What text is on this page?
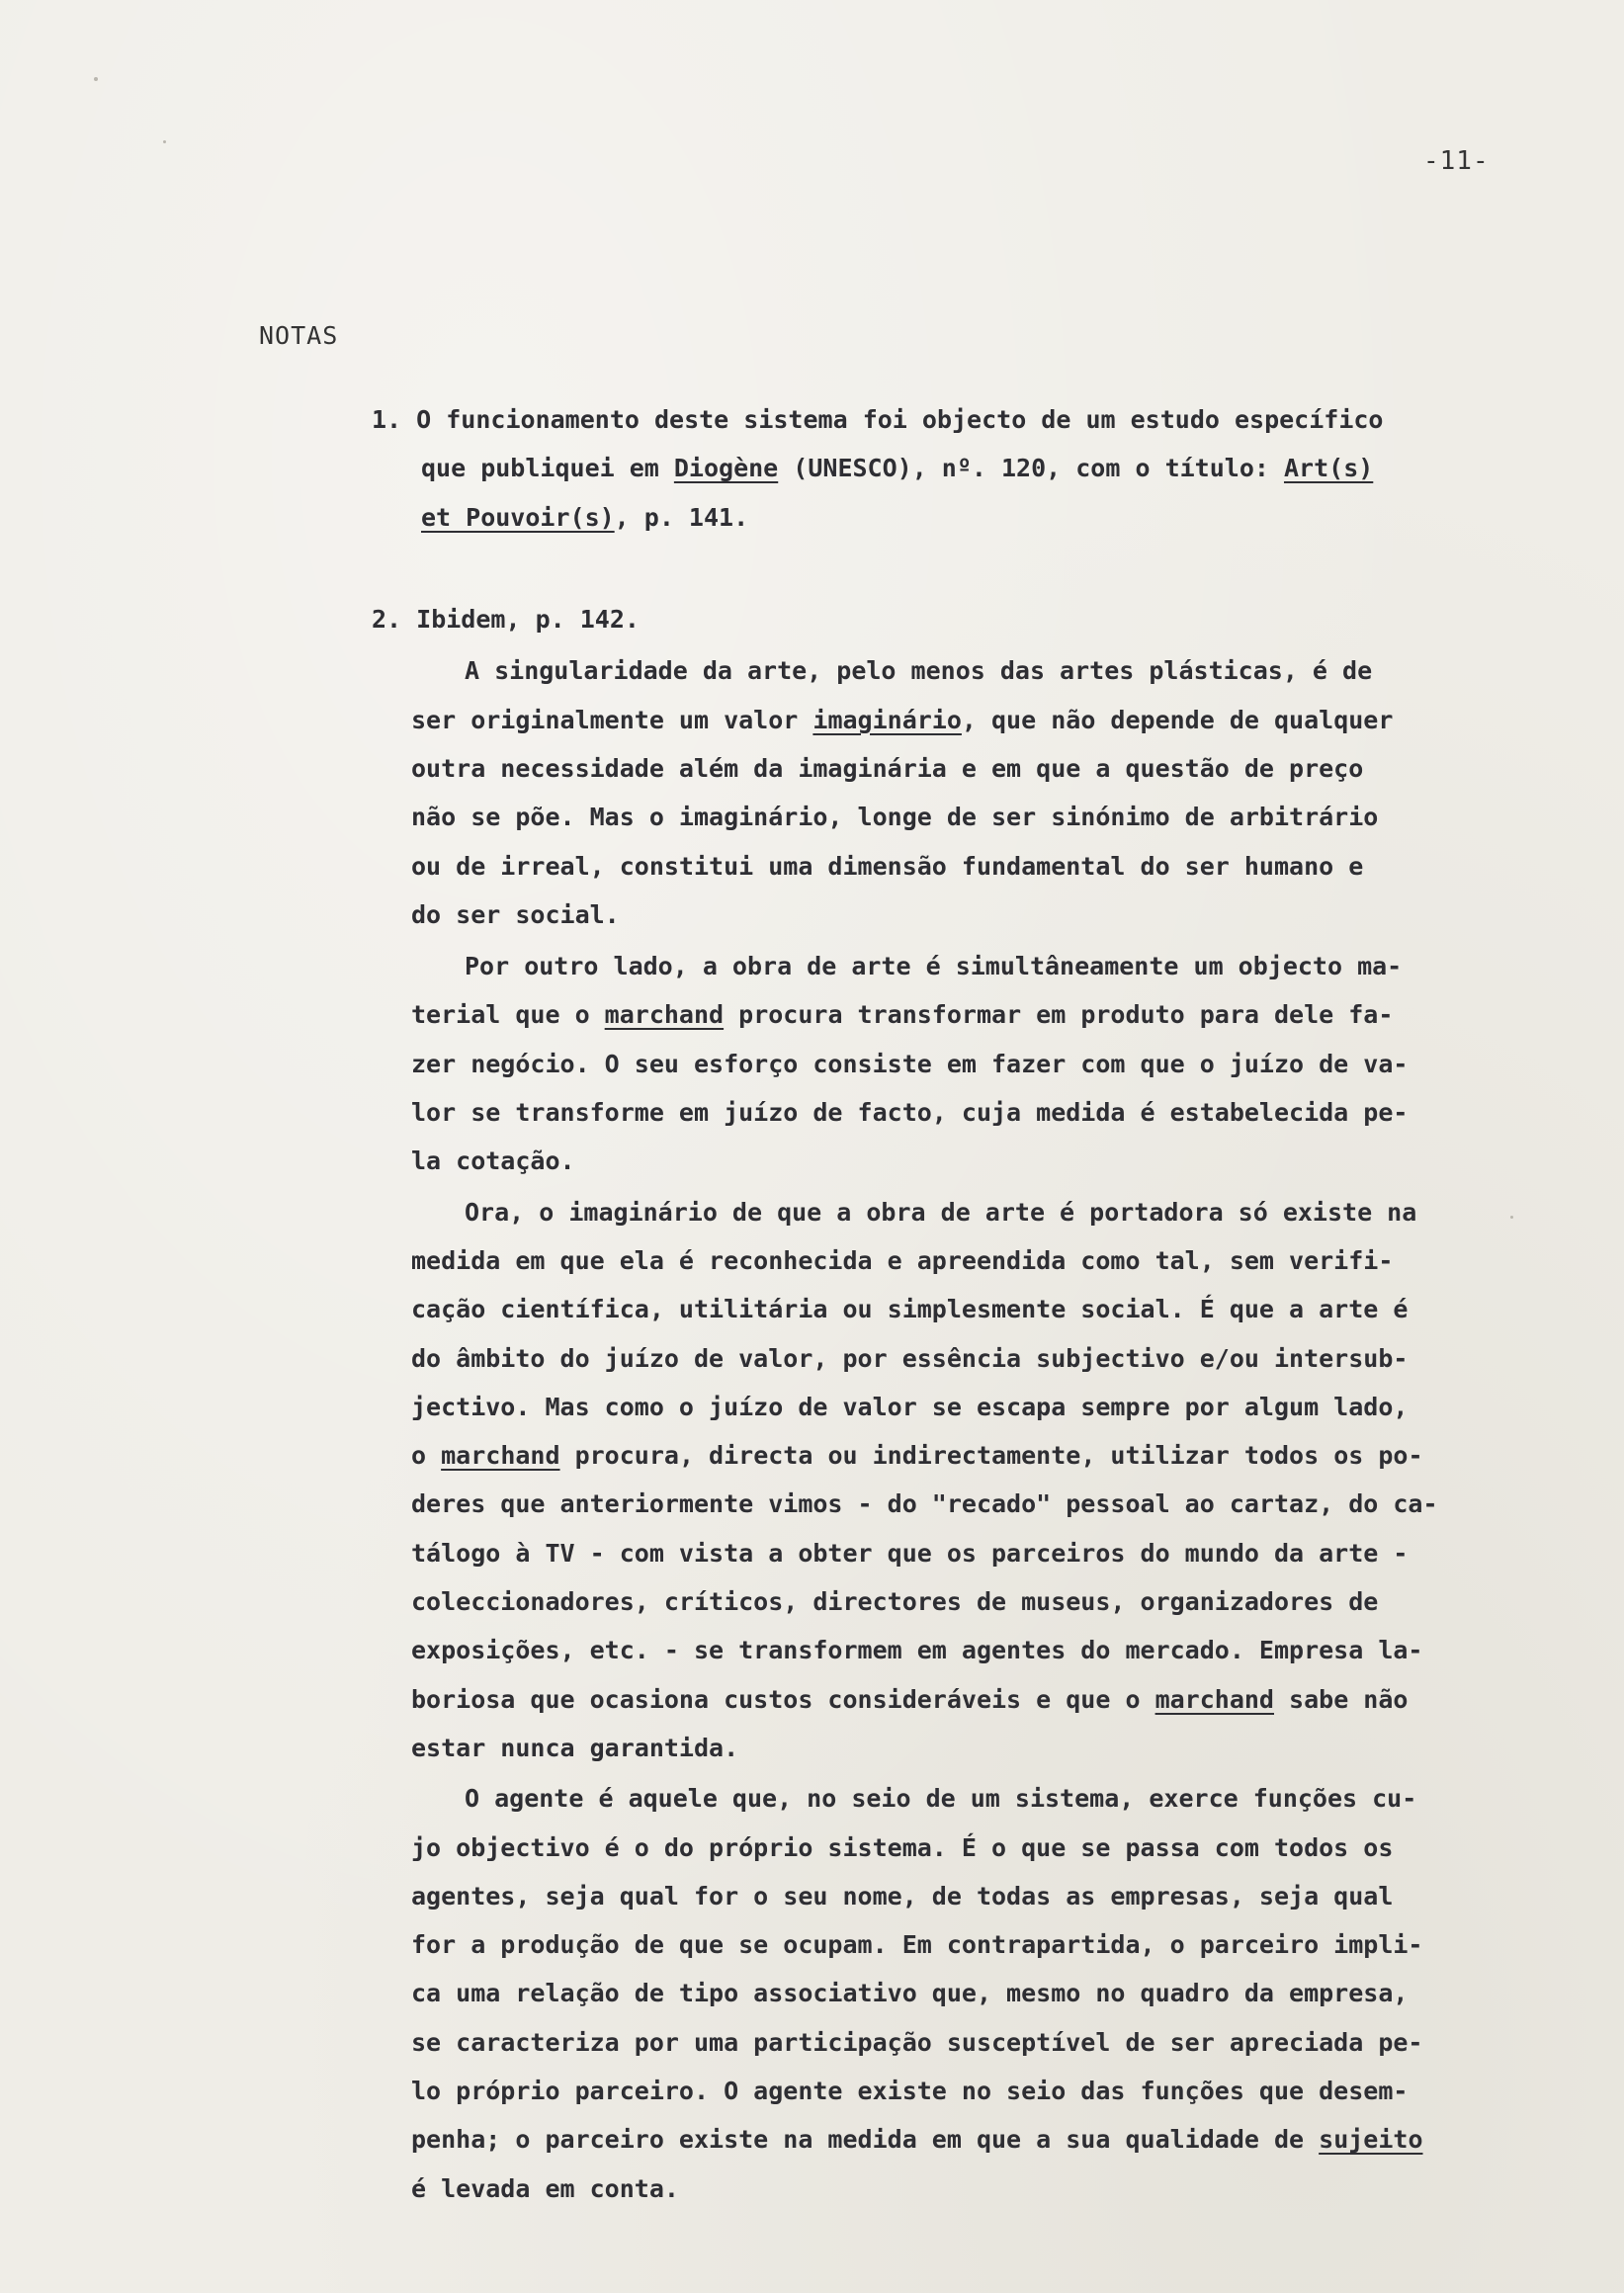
-11-
NOTAS
1. O funcionamento deste sistema foi objecto de um estudo específico
que publiquei em Diogène (UNESCO), nº. 120, com o título: Art(s)
et Pouvoir(s), p. 141.
2. Ibidem, p. 142.
A singularidade da arte, pelo menos das artes plásticas, é de
ser originalmente um valor imaginário, que não depende de qualquer
outra necessidade além da imaginária e em que a questão de preço
não se põe. Mas o imaginário, longe de ser sinónimo de arbitrário
ou de irreal, constitui uma dimensão fundamental do ser humano e
do ser social.
Por outro lado, a obra de arte é simultâneamente um objecto ma-
terial que o marchand procura transformar em produto para dele fa-
zer negócio. O seu esforço consiste em fazer com que o juízo de va-
lor se transforme em juízo de facto, cuja medida é estabelecida pe-
la cotação.
Ora, o imaginário de que a obra de arte é portadora só existe na
medida em que ela é reconhecida e apreendida como tal, sem verifi-
cação científica, utilitária ou simplesmente social. É que a arte é
do âmbito do juízo de valor, por essência subjectivo e/ou intersub-
jectivo. Mas como o juízo de valor se escapa sempre por algum lado,
o marchand procura, directa ou indirectamente, utilizar todos os po-
deres que anteriormente vimos - do "recado" pessoal ao cartaz, do ca-
tálogo à TV - com vista a obter que os parceiros do mundo da arte -
coleccionadores, críticos, directores de museus, organizadores de
exposições, etc. - se transformem em agentes do mercado. Empresa la-
boriosa que ocasiona custos consideráveis e que o marchand sabe não
estar nunca garantida.
O agente é aquele que, no seio de um sistema, exerce funções cu-
jo objectivo é o do próprio sistema. É o que se passa com todos os
agentes, seja qual for o seu nome, de todas as empresas, seja qual
for a produção de que se ocupam. Em contrapartida, o parceiro impli-
ca uma relação de tipo associativo que, mesmo no quadro da empresa,
se caracteriza por uma participação susceptível de ser apreciada pe-
lo próprio parceiro. O agente existe no seio das funções que desem-
penha; o parceiro existe na medida em que a sua qualidade de sujeito
é levada em conta.
